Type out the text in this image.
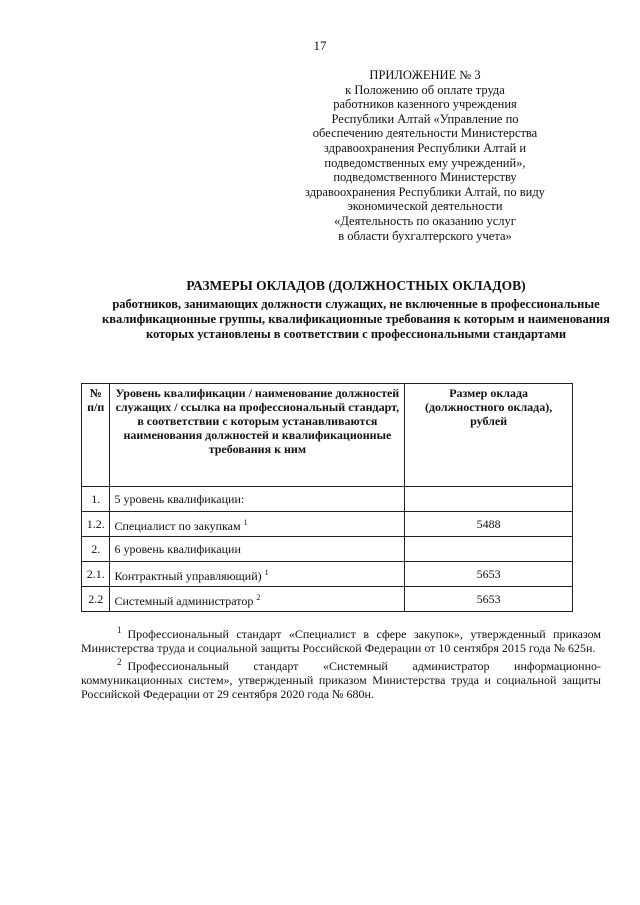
17
ПРИЛОЖЕНИЕ № 3
к Положению об оплате труда
работников казенного учреждения
Республики Алтай «Управление по
обеспечению деятельности Министерства
здравоохранения Республики Алтай и
подведомственных ему учреждений»,
подведомственного Министерству
здравоохранения Республики Алтай, по виду
экономической деятельности
«Деятельность по оказанию услуг
в области бухгалтерского учета»
РАЗМЕРЫ ОКЛАДОВ (ДОЛЖНОСТНЫХ ОКЛАДОВ)
работников, занимающих должности служащих, не включенные в профессиональные квалификационные группы, квалификационные требования к которым и наименования которых установлены в соответствии с профессиональными стандартами
№ п/п	Уровень квалификации / наименование должностей служащих / ссылка на профессиональный стандарт, в соответствии с которым устанавливаются наименования должностей и квалификационные требования к ним	Размер оклада (должностного оклада), рублей
1.	5 уровень квалификации:	
1.2.	Специалист по закупкам $^1$	5488
2.	6 уровень квалификации	
2.1.	Контрактный управляющий) $^1$	5653
2.2	Системный администратор $^2$	5653

$^1$ Профессиональный стандарт «Специалист в сфере закупок», утвержденный приказом Министерства труда и социальной защиты Российской Федерации от 10 сентября 2015 года № 625н.

$^2$ Профессиональный стандарт «Системный администратор информационно-коммуникационных систем», утвержденный приказом Министерства труда и социальной защиты Российской Федерации от 29 сентября 2020 года № 680н.
